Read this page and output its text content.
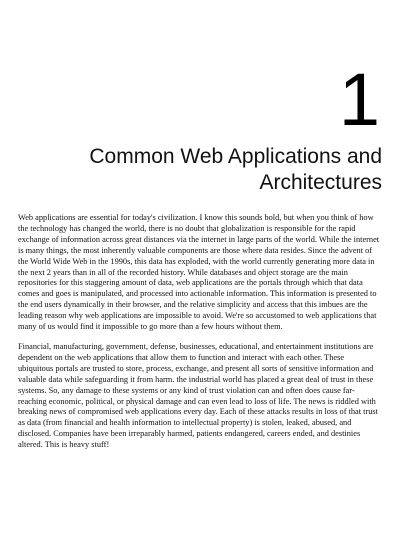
1
Common Web Applications and Architectures

Web applications are essential for today's civilization. I know this sounds bold, but when you think of how the technology has changed the world, there is no doubt that globalization is responsible for the rapid exchange of information across great distances via the internet in large parts of the world. While the internet is many things, the most inherently valuable components are those where data resides. Since the advent of the World Wide Web in the 1990s, this data has exploded, with the world currently generating more data in the next 2 years than in all of the recorded history. While databases and object storage are the main repositories for this staggering amount of data, web applications are the portals through which that data comes and goes is manipulated, and processed into actionable information. This information is presented to the end users dynamically in their browser, and the relative simplicity and access that this imbues are the leading reason why web applications are impossible to avoid. We're so accustomed to web applications that many of us would find it impossible to go more than a few hours without them.

Financial, manufacturing, government, defense, businesses, educational, and entertainment institutions are dependent on the web applications that allow them to function and interact with each other. These ubiquitous portals are trusted to store, process, exchange, and present all sorts of sensitive information and valuable data while safeguarding it from harm. the industrial world has placed a great deal of trust in these systems. So, any damage to these systems or any kind of trust violation can and often does cause far-reaching economic, political, or physical damage and can even lead to loss of life. The news is riddled with breaking news of compromised web applications every day. Each of these attacks results in loss of that trust as data (from financial and health information to intellectual property) is stolen, leaked, abused, and disclosed. Companies have been irreparably harmed, patients endangered, careers ended, and destinies altered. This is heavy stuff!
